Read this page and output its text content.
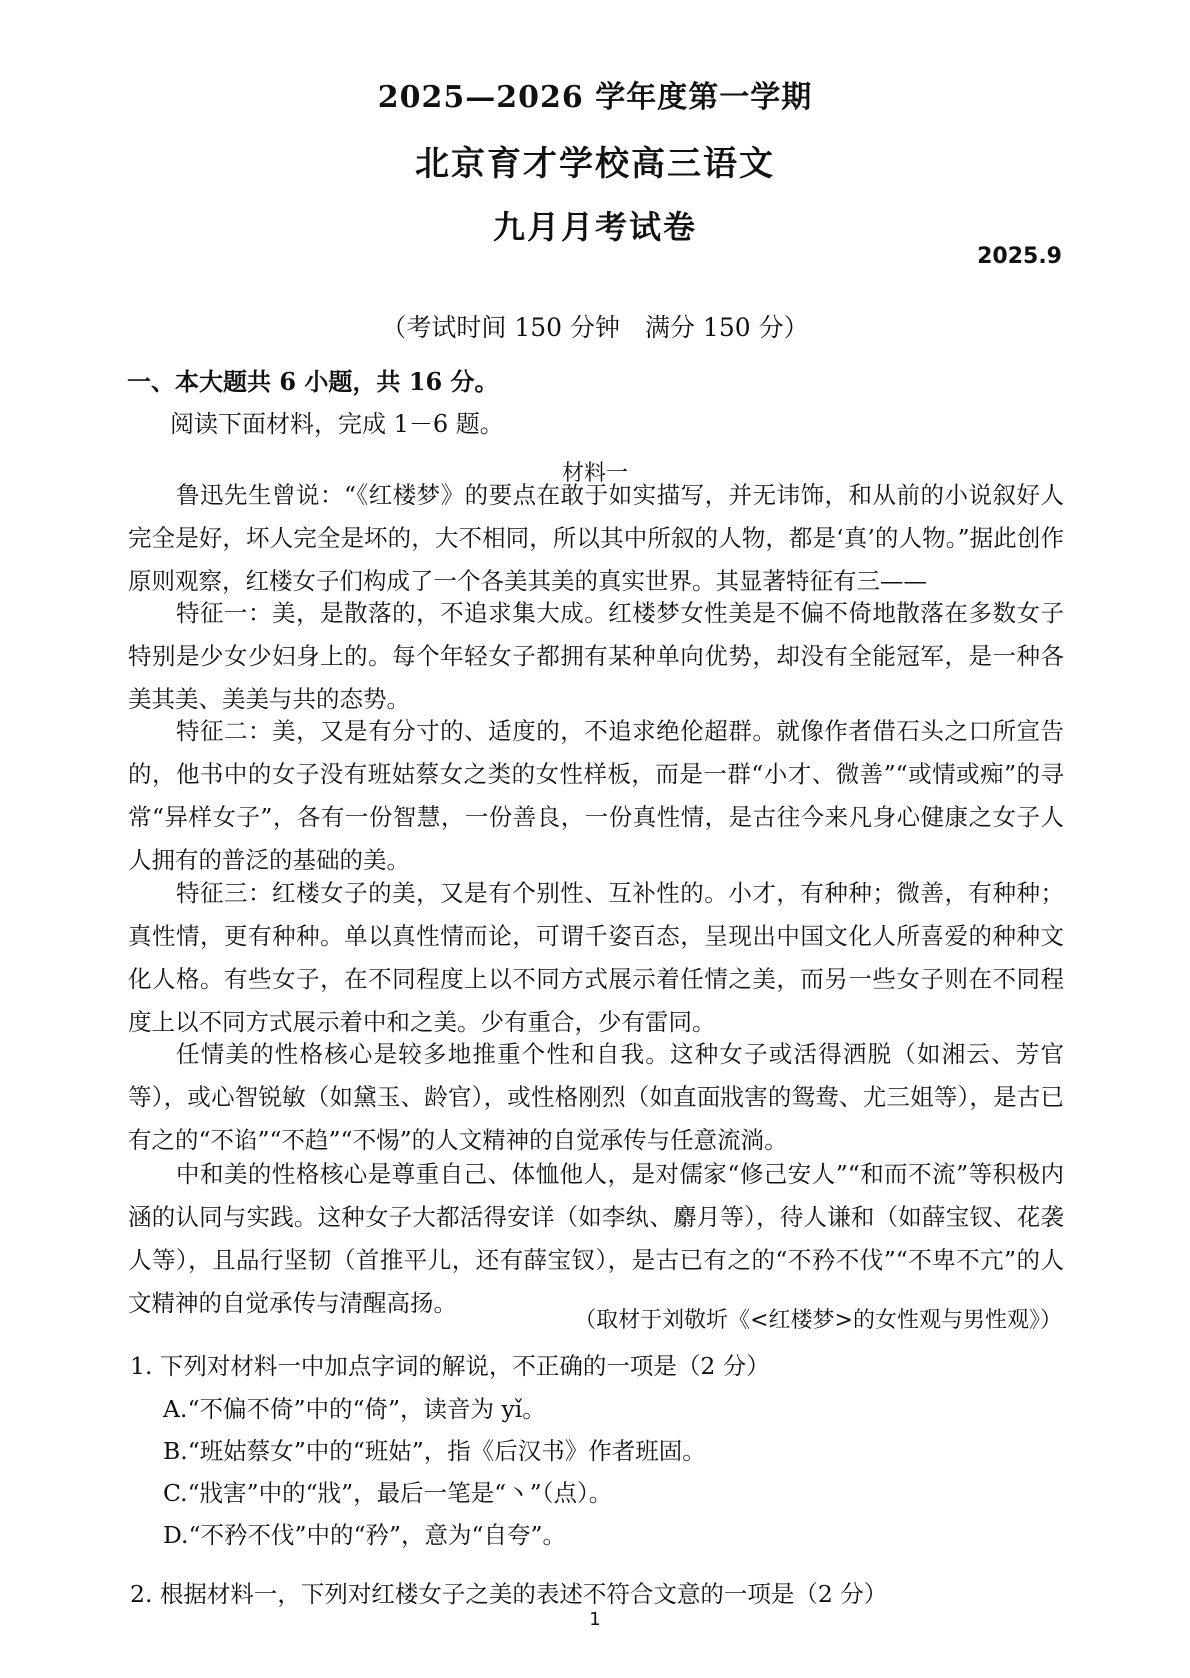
2025—2026 学年度第一学期
北京育才学校高三语文
九月月考试卷
2025.9
（考试时间 150 分钟　满分 150 分）
一、本大题共 6 小题，共 16 分。
阅读下面材料，完成 1－6 题。
材料一
鲁迅先生曾说：“《红楼梦》的要点在敢于如实描写，并无讳饰，和从前的小说叙好人完全是好，坏人完全是坏的，大不相同，所以其中所叙的人物，都是‘真’的人物。”据此创作原则观察，红楼女子们构成了一个各美其美的真实世界。其显著特征有三——
特征一：美，是散落的，不追求集大成。红楼梦女性美是不偏不倚地散落在多数女子特别是少女少妇身上的。每个年轻女子都拥有某种单向优势，却没有全能冠军，是一种各美其美、美美与共的态势。
特征二：美，又是有分寸的、适度的，不追求绝伦超群。就像作者借石头之口所宣告的，他书中的女子没有班姑蔡女之类的女性样板，而是一群“小才、微善”“或情或痴”的寻常“异样女子”，各有一份智慧，一份善良，一份真性情，是古往今来凡身心健康之女子人人拥有的普泛的基础的美。
特征三：红楼女子的美，又是有个别性、互补性的。小才，有种种；微善，有种种；真性情，更有种种。单以真性情而论，可谓千姿百态，呈现出中国文化人所喜爱的种种文化人格。有些女子，在不同程度上以不同方式展示着任情之美，而另一些女子则在不同程度上以不同方式展示着中和之美。少有重合，少有雷同。
任情美的性格核心是较多地推重个性和自我。这种女子或活得洒脱（如湘云、芳官等），或心智锐敏（如黛玉、龄官），或性格刚烈（如直面戕害的鸳鸯、尤三姐等），是古已有之的“不谄”“不趋”“不惕”的人文精神的自觉承传与任意流淌。
中和美的性格核心是尊重自己、体恤他人，是对儒家“修己安人”“和而不流”等积极内涵的认同与实践。这种女子大都活得安详（如李纨、麝月等），待人谦和（如薛宝钗、花袭人等），且品行坚韧（首推平儿，还有薛宝钗），是古已有之的“不矜不伐”“不卑不亢”的人文精神的自觉承传与清醒高扬。
（取材于刘敬圻《<红楼梦>的女性观与男性观》）
1. 下列对材料一中加点字词的解说，不正确的一项是（2 分）
A.“不偏不倚”中的“倚”，读音为 yǐ。
B.“班姑蔡女”中的“班姑”，指《后汉书》作者班固。
C.“戕害”中的“戕”，最后一笔是“丶”（点）。
D.“不矜不伐”中的“矜”，意为“自夸”。
2. 根据材料一，下列对红楼女子之美的表述不符合文意的一项是（2 分）
1
